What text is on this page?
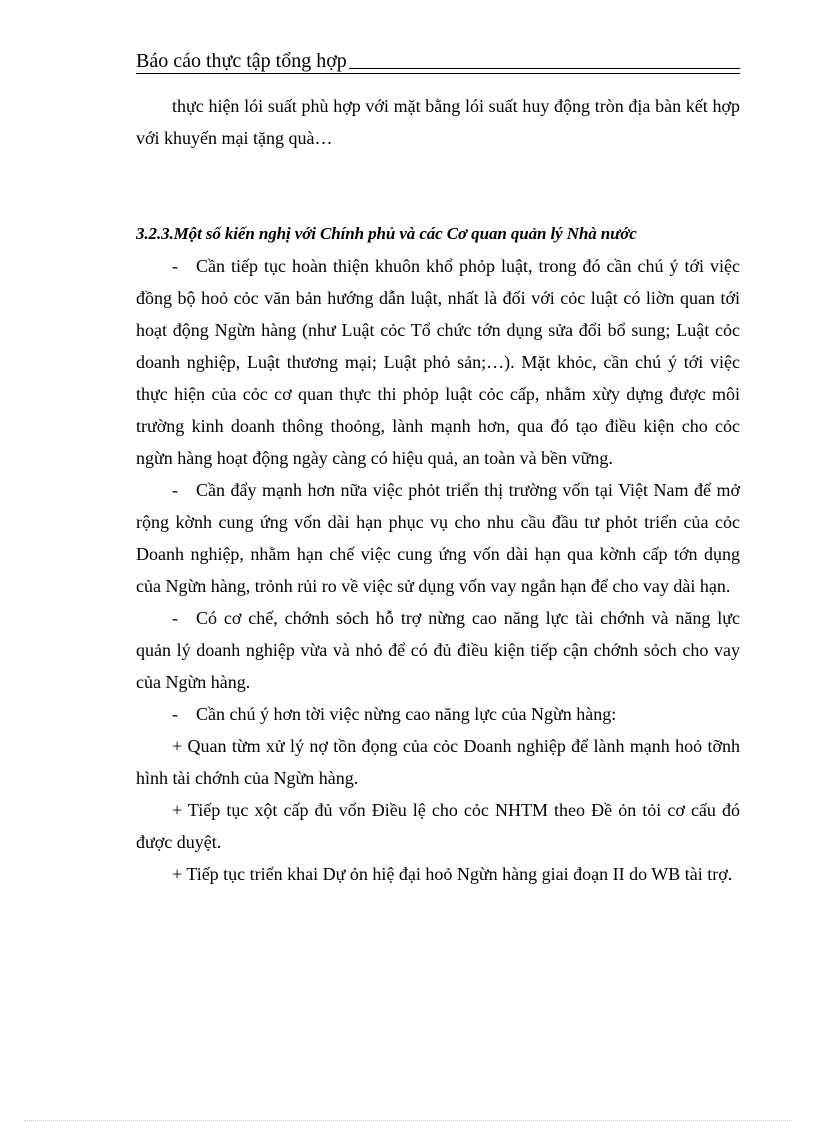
Báo cáo thực tập tổng hợp

thực hiện lói suất phù hợp với mặt bằng lói suất huy động tròn địa bàn kết hợp với khuyến mại tặng quà…

3.2.3.Một số kiến nghị với Chính phủ và các Cơ quan quản lý Nhà nước

- Cần tiếp tục hoàn thiện khuôn khổ phỏp luật, trong đó cần chú ý tới việc đồng bộ hoỏ cỏc văn bản hướng dẫn luật, nhất là đối với cỏc luật có liờn quan tới hoạt động Ngừn hàng (như Luật cỏc Tổ chức tớn dụng sửa đổi bổ sung; Luật cỏc doanh nghiệp, Luật thương mại; Luật phỏ sản;…). Mặt khỏc, cần chú ý tới việc thực hiện của cỏc cơ quan thực thi phỏp luật cỏc cấp, nhằm xừy dựng được môi trường kinh doanh thông thoỏng, lành mạnh hơn, qua đó tạo điều kiện cho cỏc ngừn hàng hoạt động ngày càng có hiệu quả, an toàn và bền vững.

- Cần đẩy mạnh hơn nữa việc phỏt triển thị trường vốn tại Việt Nam để mở rộng kờnh cung ứng vốn dài hạn phục vụ cho nhu cầu đầu tư phỏt triển của cỏc Doanh nghiệp, nhằm hạn chế việc cung ứng vốn dài hạn qua kờnh cấp tớn dụng của Ngừn hàng, trỏnh rủi ro về việc sử dụng vốn vay ngắn hạn để cho vay dài hạn.

- Có cơ chế, chớnh sỏch hỗ trợ nừng cao năng lực tài chớnh và năng lực quản lý doanh nghiệp vừa và nhỏ để có đủ điều kiện tiếp cận chớnh sỏch cho vay của Ngừn hàng.

- Cần chú ý hơn tời việc nừng cao năng lực của Ngừn hàng:

+ Quan từm xử lý nợ tồn đọng của cỏc Doanh nghiệp để lành mạnh hoỏ tỡnh hình tài chớnh của Ngừn hàng.

+ Tiếp tục xột cấp đủ vốn Điều lệ cho cỏc NHTM theo Đề ỏn tỏi cơ cấu đó được duyệt.

+ Tiếp tục triển khai Dự ỏn hiệ đại hoỏ Ngừn hàng giai đoạn II do WB tài trợ.
